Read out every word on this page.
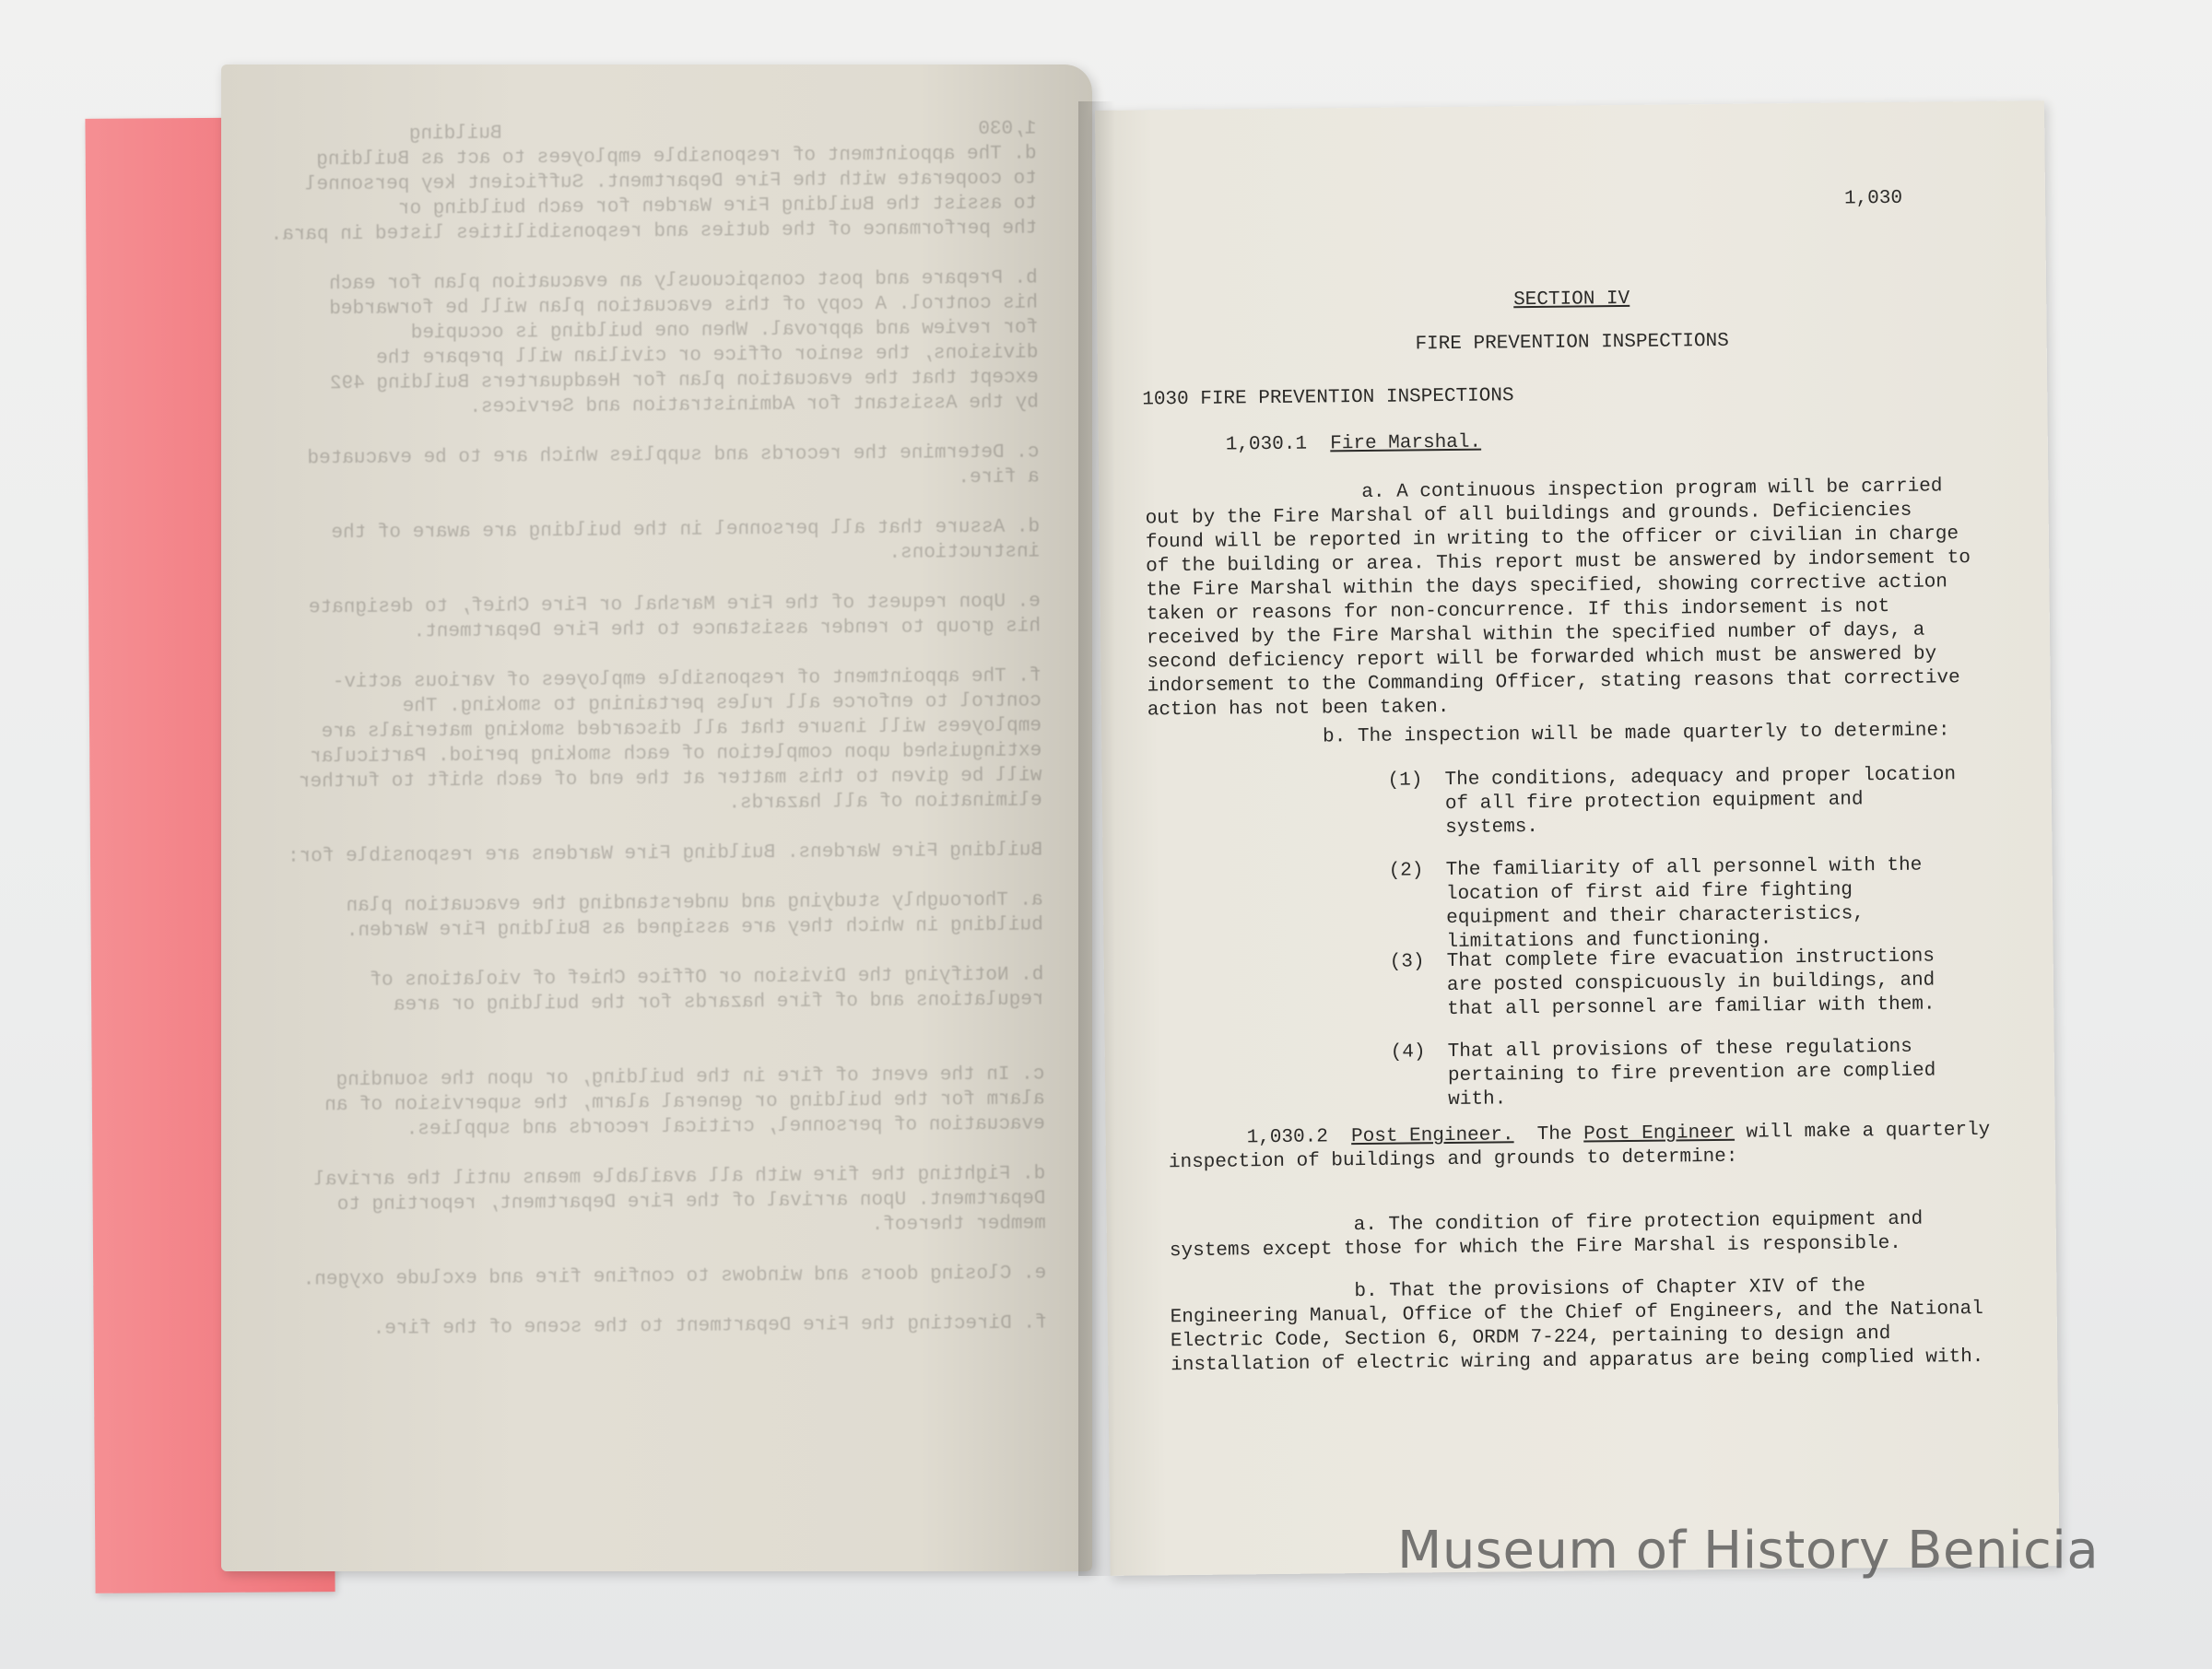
1,030                                         Building
d. The appointment of responsible employees to act as Building
to cooperate with the Fire Department. Sufficient key personnel
to assist the Building Fire Warden for each building or
the performance of the duties and responsibilities listed in para.

b. Prepare and post conspicuously an evacuation plan for each
his control. A copy of this evacuation plan will be forwarded
for review and approval. When one building is occupied
divisions, the senior office or civilian will prepare the
except that the evacuation plan for Headquarters Building 492
by the Assistant for Administration and Services.

c. Determine the records and supplies which are to be evacuated
a fire.

d. Assure that all personnel in the building are aware of the
instructions.

e. Upon request of the Fire Marshal or Fire Chief, to designate
his group to render assistance to the Fire Department.

f. The appointment of responsible employees of various activ-
control to enforce all rules pertaining to smoking. The
employees will insure that all discarded smoking materials are
extinguished upon completion of each smoking period. Particular
will be given to this matter at the end of each shift to further
elimination of all hazards.

Building Fire Wardens. Building Fire Wardens are responsible for:

a. Thoroughly studying and understanding the evacuation plan
building in which they are assigned as Building Fire Warden.

b. Notifying the Division or Office Chief of violations of
regulations and of fire hazards for the building or area

c. In the event of fire in the building, or upon the sounding
alarm for the building or general alarm, the supervision of an
evacuation of personnel, critical records and supplies.

d. Fighting the fire with all available means until the arrival
Department. Upon arrival of the Fire Department, reporting to
member thereof.

e. Closing doors and windows to confine fire and exclude oxygen.

f. Directing the Fire Department to the scene of the fire.
1,030
SECTION IV
FIRE PREVENTION INSPECTIONS
1030 FIRE PREVENTION INSPECTIONS
1,030.1 Fire Marshal.
a. A continuous inspection program will be carried out by the Fire Marshal of all buildings and grounds. Deficiencies found will be reported in writing to the officer or civilian in charge of the building or area. This report must be answered by indorsement to the Fire Marshal within the days specified, showing corrective action taken or reasons for non-concurrence. If this indorsement is not received by the Fire Marshal within the specified number of days, a second deficiency report will be forwarded which must be answered by indorsement to the Commanding Officer, stating reasons that corrective action has not been taken.
b. The inspection will be made quarterly to determine:
(1) The conditions, adequacy and proper location of all fire protection equipment and systems.
(2) The familiarity of all personnel with the location of first aid fire fighting equipment and their characteristics, limitations and functioning.
(3) That complete fire evacuation instructions are posted conspicuously in buildings, and that all personnel are familiar with them.
(4) That all provisions of these regulations pertaining to fire prevention are complied with.
1,030.2 Post Engineer. The Post Engineer will make a quarterly inspection of buildings and grounds to determine:
a. The condition of fire protection equipment and systems except those for which the Fire Marshal is responsible.
b. That the provisions of Chapter XIV of the Engineering Manual, Office of the Chief of Engineers, and the National Electric Code, Section 6, ORDM 7-224, pertaining to design and installation of electric wiring and apparatus are being complied with.
Museum of History Benicia
